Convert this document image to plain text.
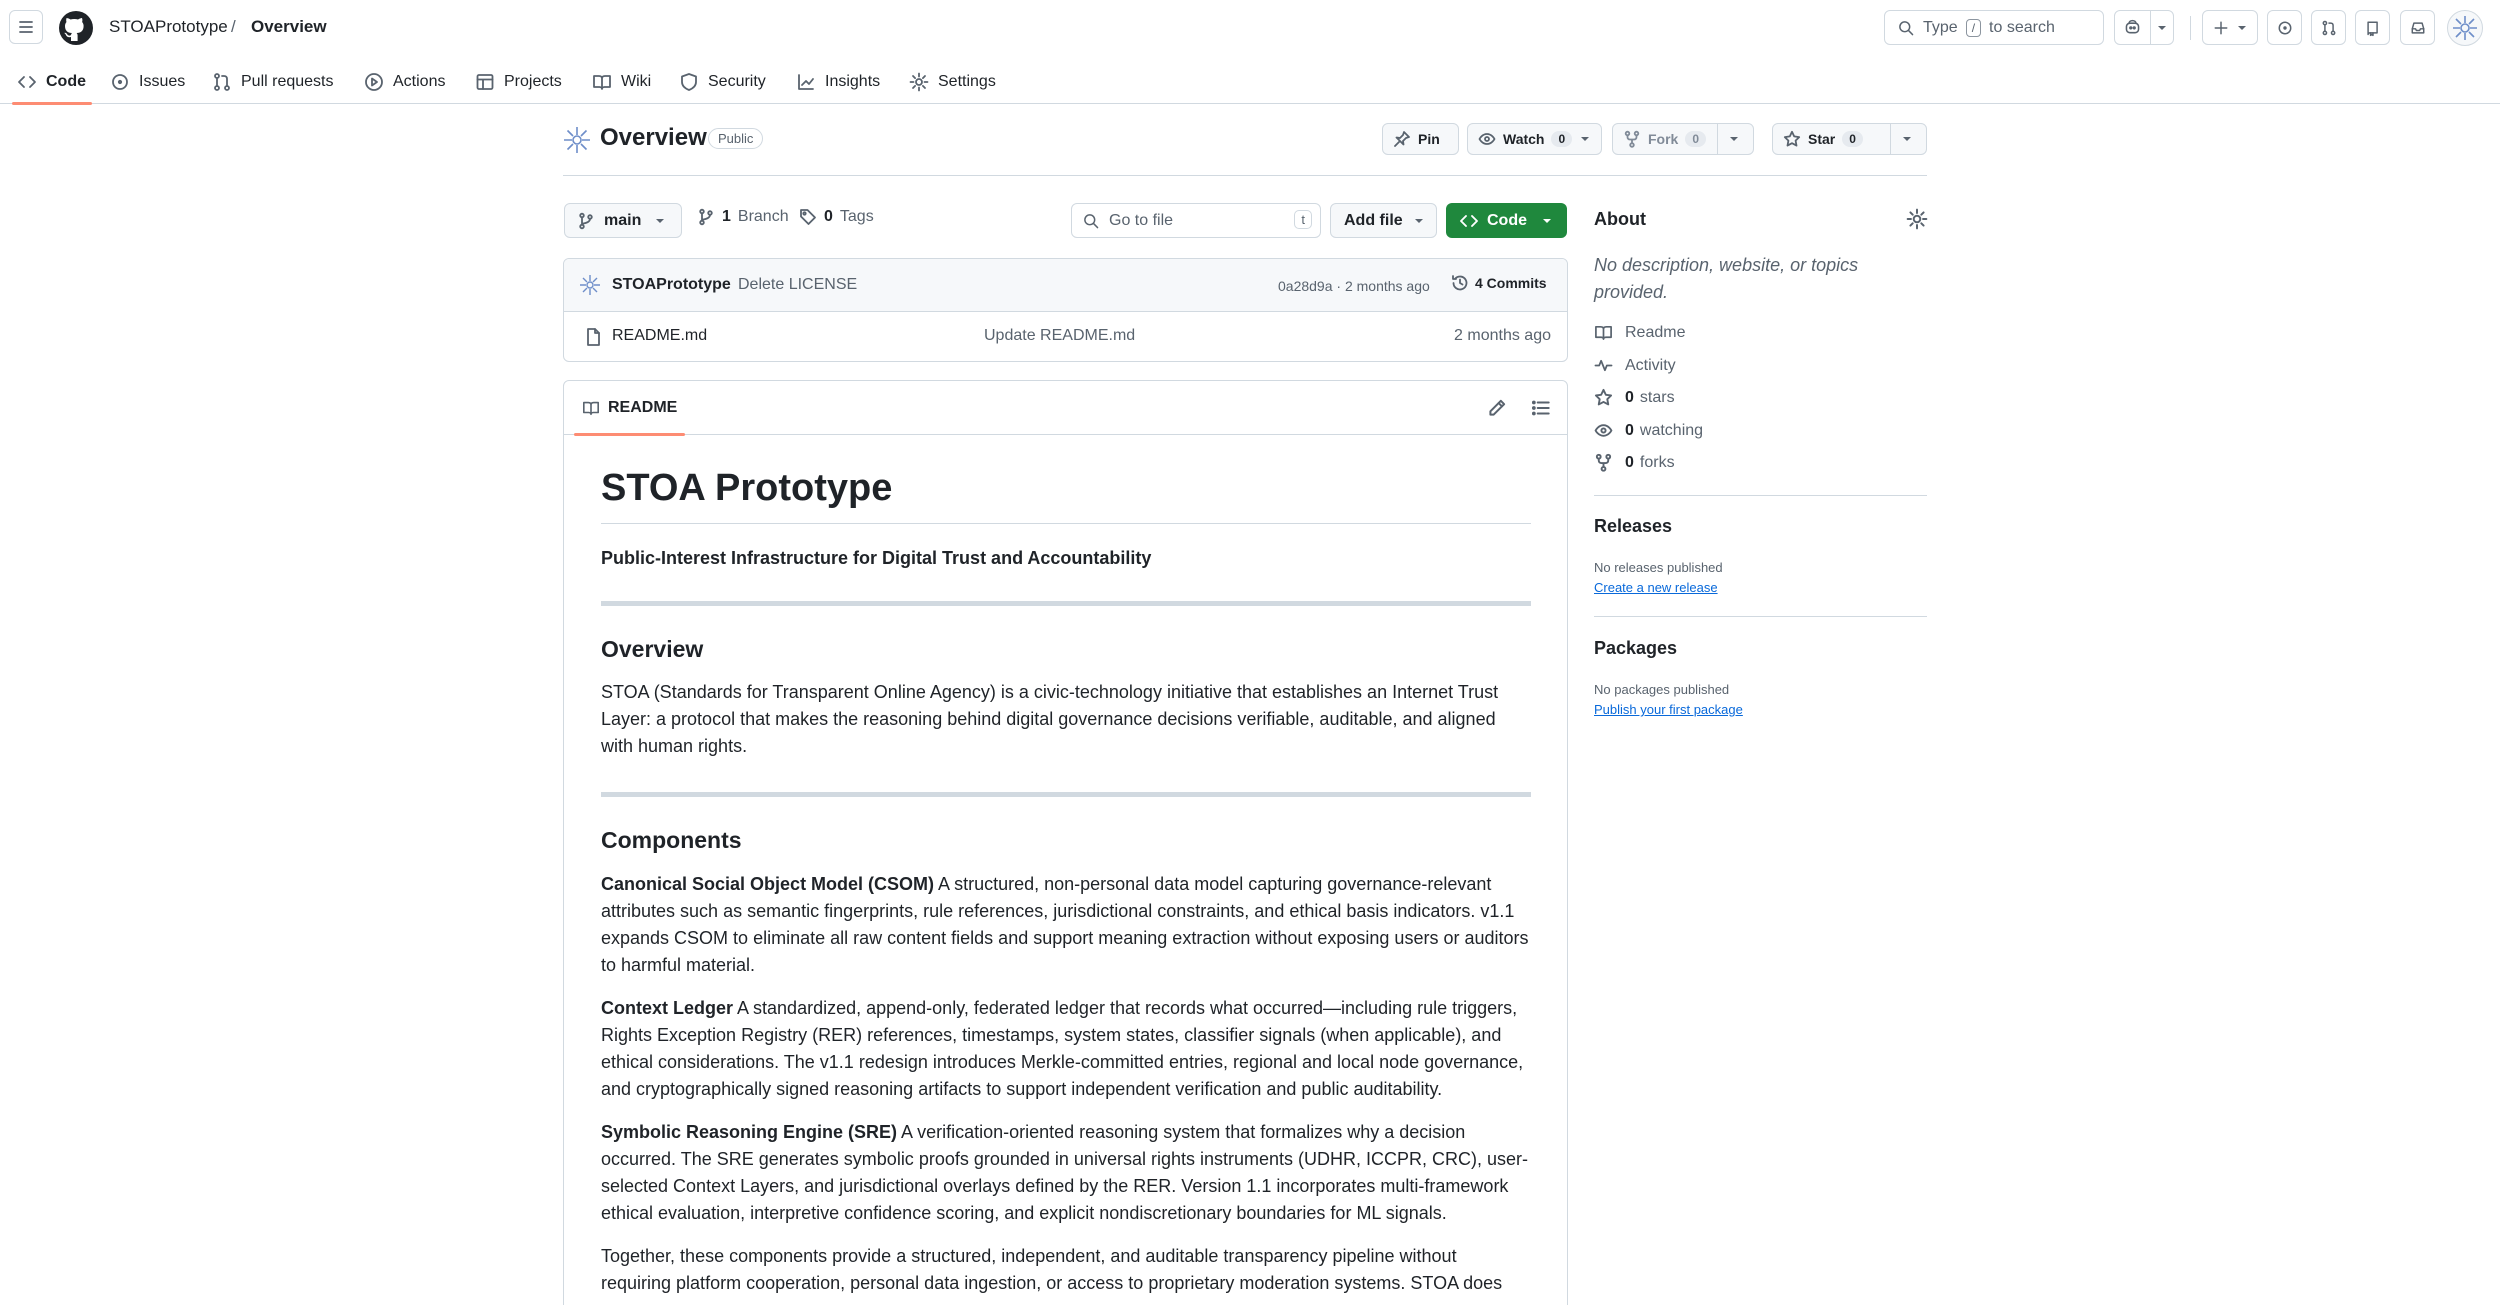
STOAPrototype / Overview	Type	/ to search
Code	Issues	Pull requests	Actions	Projects	Wiki	Security	Insights	Settings
Overview Public	Pin	Watch	0	Fork	0	Star	0
main	1 Branch 0 Tags	Go to file	t	Add file	Code
STOAPrototype Delete LICENSE	0a28d9a · 2 months ago	4 Commits
README.md	Update README.md	2 months ago
README
STOA Prototype
Public-Interest Infrastructure for Digital Trust and Accountability
Overview

STOA (Standards for Transparent Online Agency) is a civic-technology initiative that establishes an Internet Trust Layer: a protocol that makes the reasoning behind digital governance decisions verifiable, auditable, and aligned with human rights.

Components

Canonical Social Object Model (CSOM) A structured, non-personal data model capturing governance-relevant attributes such as semantic fingerprints, rule references, jurisdictional constraints, and ethical basis indicators. v1.1 expands CSOM to eliminate all raw content fields and support meaning extraction without exposing users or auditors to harmful material.

Context Ledger A standardized, append-only, federated ledger that records what occurred—including rule triggers, Rights Exception Registry (RER) references, timestamps, system states, classifier signals (when applicable), and ethical considerations. The v1.1 redesign introduces Merkle-committed entries, regional and local node governance, and cryptographically signed reasoning artifacts to support independent verification and public auditability.

Symbolic Reasoning Engine (SRE) A verification-oriented reasoning system that formalizes why a decision occurred. The SRE generates symbolic proofs grounded in universal rights instruments (UDHR, ICCPR, CRC), user-selected Context Layers, and jurisdictional overlays defined by the RER. Version 1.1 incorporates multi-framework ethical evaluation, interpretive confidence scoring, and explicit nondiscretionary boundaries for ML signals.

Together, these components provide a structured, independent, and auditable transparency pipeline without requiring platform cooperation, personal data ingestion, or access to proprietary moderation systems. STOA does

About
No description, website, or topics provided.
Readme
Activity
0 stars
0 watching
0 forks
Releases
No releases published
Create a new release
Packages
No packages published
Publish your first package
